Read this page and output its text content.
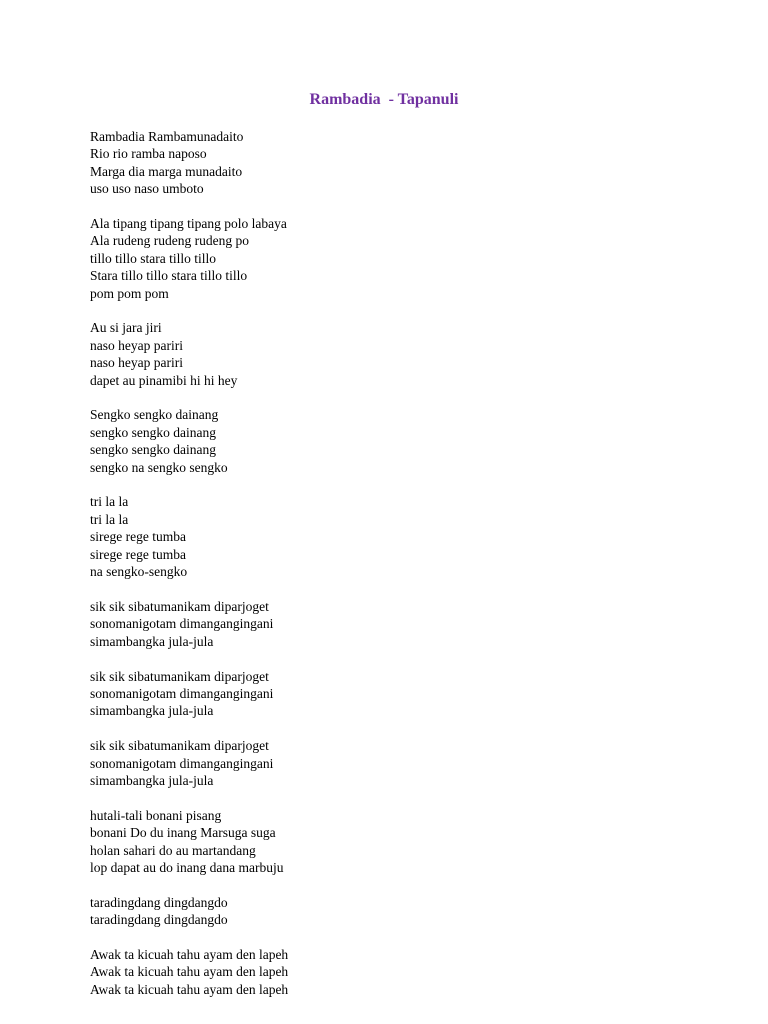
Rambadia  - Tapanuli
Rambadia Rambamunadaito
Rio rio ramba naposo
Marga dia marga munadaito
uso uso naso umboto
Ala tipang tipang tipang polo labaya
Ala rudeng rudeng rudeng po
tillo tillo stara tillo tillo
Stara tillo tillo stara tillo tillo
pom pom pom
Au si jara jiri
naso heyap pariri
naso heyap pariri
dapet au pinamibi hi hi hey
Sengko sengko dainang
sengko sengko dainang
sengko sengko dainang
sengko na sengko sengko
tri la la
tri la la
sirege rege tumba
sirege rege tumba
na sengko-sengko
sik sik sibatumanikam diparjoget
sonomanigotam dimangangingani
simambangka jula-jula
sik sik sibatumanikam diparjoget
sonomanigotam dimangangingani
simambangka jula-jula
sik sik sibatumanikam diparjoget
sonomanigotam dimangangingani
simambangka jula-jula
hutali-tali bonani pisang
bonani Do du inang Marsuga suga
holan sahari do au martandang
lop dapat au do inang dana marbuju
taradingdang dingdangdo
taradingdang dingdangdo
Awak ta kicuah tahu ayam den lapeh
Awak ta kicuah tahu ayam den lapeh
Awak ta kicuah tahu ayam den lapeh
